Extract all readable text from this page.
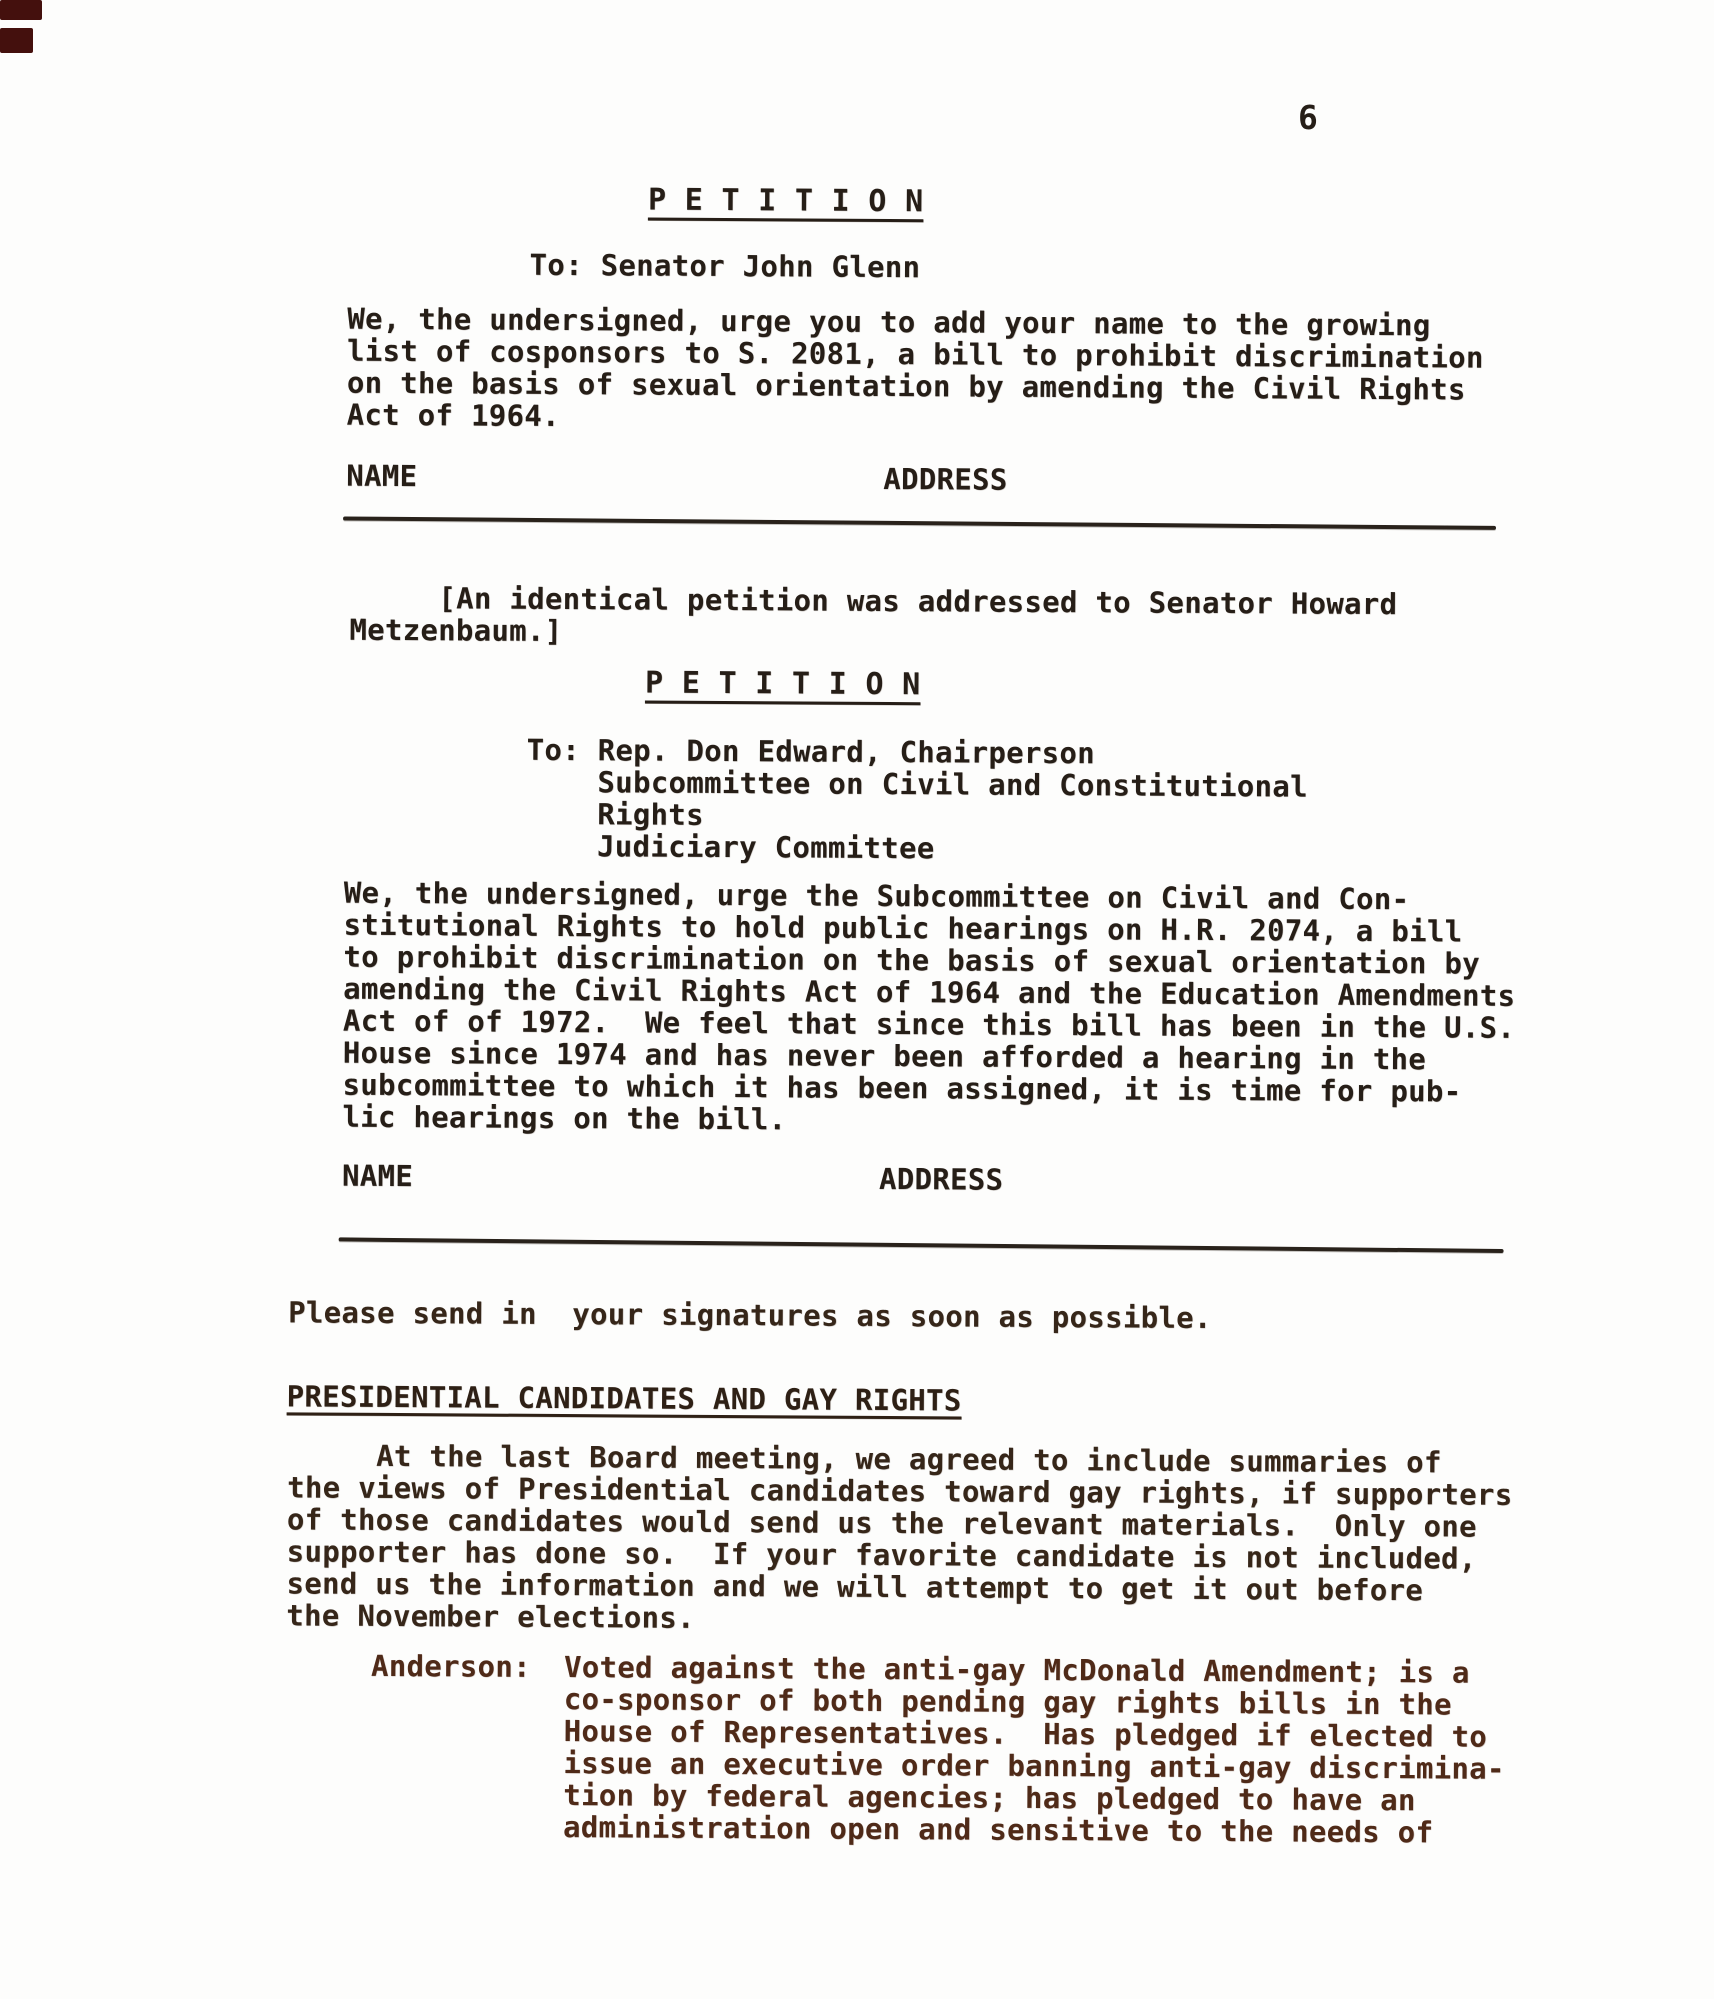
6
P E T I T I O N
To: Senator John Glenn
We, the undersigned, urge you to add your name to the growing
list of cosponsors to S. 2081, a bill to prohibit discrimination
on the basis of sexual orientation by amending the Civil Rights
Act of 1964.
NAME	ADDRESS
[An identical petition was addressed to Senator Howard
Metzenbaum.]
P E T I T I O N
To: Rep. Don Edward, Chairperson
Subcommittee on Civil and Constitutional
Rights
Judiciary Committee
We, the undersigned, urge the Subcommittee on Civil and Con-
stitutional Rights to hold public hearings on H.R. 2074, a bill
to prohibit discrimination on the basis of sexual orientation by
amending the Civil Rights Act of 1964 and the Education Amendments
Act of of 1972.  We feel that since this bill has been in the U.S.
House since 1974 and has never been afforded a hearing in the
subcommittee to which it has been assigned, it is time for pub-
lic hearings on the bill.
NAME	ADDRESS
Please send in  your signatures as soon as possible.
PRESIDENTIAL CANDIDATES AND GAY RIGHTS
At the last Board meeting, we agreed to include summaries of
the views of Presidential candidates toward gay rights, if supporters
of those candidates would send us the relevant materials.  Only one
supporter has done so.  If your favorite candidate is not included,
send us the information and we will attempt to get it out before
the November elections.
Anderson: Voted against the anti-gay McDonald Amendment; is a
co-sponsor of both pending gay rights bills in the
House of Representatives.  Has pledged if elected to
issue an executive order banning anti-gay discrimina-
tion by federal agencies; has pledged to have an
administration open and sensitive to the needs of
